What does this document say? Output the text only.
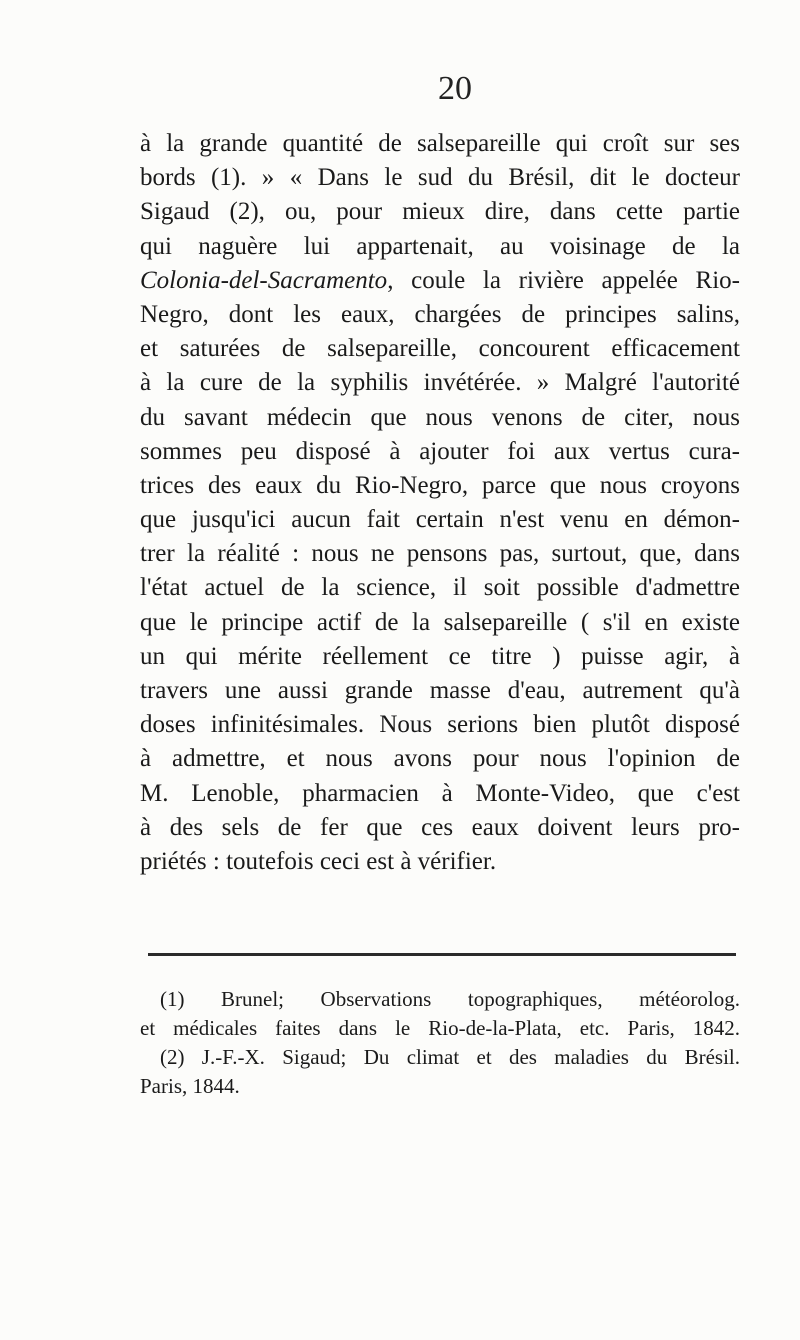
20
à la grande quantité de salsepareille qui croît sur ses
bords (1). » « Dans le sud du Brésil, dit le docteur
Sigaud (2), ou, pour mieux dire, dans cette partie
qui naguère lui appartenait, au voisinage de la
Colonia-del-Sacramento, coule la rivière appelée Rio-
Negro, dont les eaux, chargées de principes salins,
et saturées de salsepareille, concourent efficacement
à la cure de la syphilis invétérée. » Malgré l'autorité
du savant médecin que nous venons de citer, nous
sommes peu disposé à ajouter foi aux vertus cura-
trices des eaux du Rio-Negro, parce que nous croyons
que jusqu'ici aucun fait certain n'est venu en démon-
trer la réalité : nous ne pensons pas, surtout, que, dans
l'état actuel de la science, il soit possible d'admettre
que le principe actif de la salsepareille ( s'il en existe
un qui mérite réellement ce titre ) puisse agir, à
travers une aussi grande masse d'eau, autrement qu'à
doses infinitésimales. Nous serions bien plutôt disposé
à admettre, et nous avons pour nous l'opinion de
M. Lenoble, pharmacien à Monte-Video, que c'est
à des sels de fer que ces eaux doivent leurs pro-
priétés : toutefois ceci est à vérifier.
(1) Brunel; Observations topographiques, météorolog.
et médicales faites dans le Rio-de-la-Plata, etc. Paris, 1842.
(2) J.-F.-X. Sigaud; Du climat et des maladies du Brésil.
Paris, 1844.
